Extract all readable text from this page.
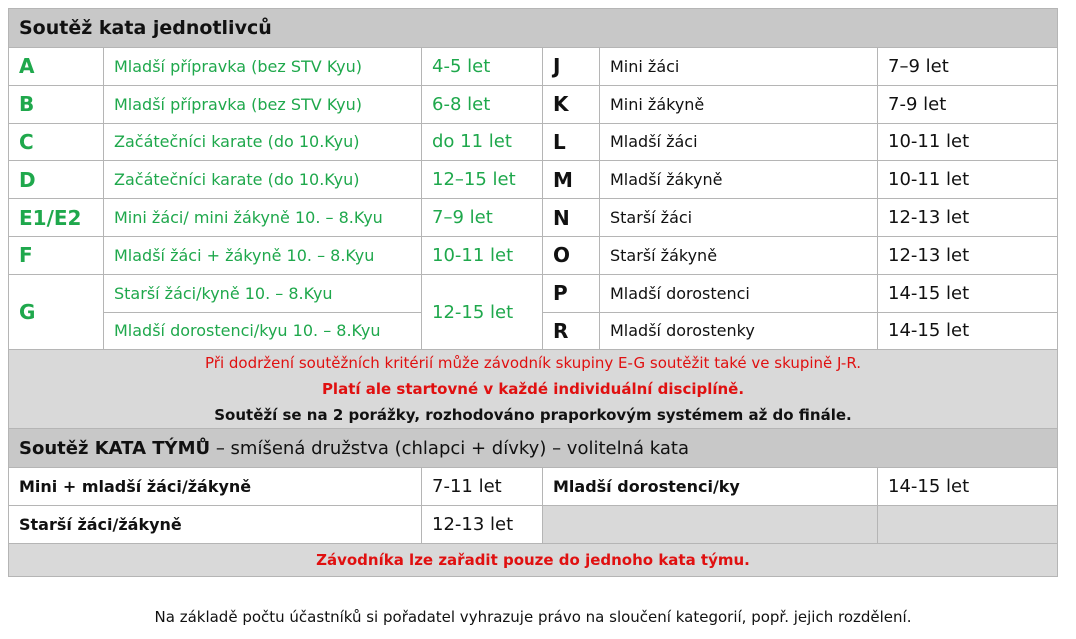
Soutěž kata jednotlivců					
A	Mladší přípravka (bez STV Kyu)	4-5 let	J	Mini žáci	7–9 let
B	Mladší přípravka (bez STV Kyu)	6-8 let	K	Mini žákyně	7-9 let
C	Začátečníci karate (do 10.Kyu)	do 11 let	L	Mladší žáci	10-11 let
D	Začátečníci karate (do 10.Kyu)	12–15 let	M	Mladší žákyně	10-11 let
E1/E2	Mini žáci/ mini žákyně 10. – 8.Kyu	7–9 let	N	Starší žáci	12-13 let
F	Mladší žáci + žákyně 10. – 8.Kyu	10-11 let	O	Starší žákyně	12-13 let
G	Starší žáci/kyně 10. – 8.Kyu	12-15 let	P	Mladší dorostenci	14-15 let
	Mladší dorostenci/kyu 10. – 8.Kyu		R	Mladší dorostenky	14-15 let

Při dodržení soutěžních kritérií může závodník skupiny E-G soutěžit také ve skupině J-R.
Platí ale startovné v každé individuální disciplíně.
Soutěží se na 2 porážky, rozhodováno praporkovým systémem až do finále.					

Soutěž KATA TÝMŮ – smíšená družstva (chlapci + dívky) – volitelná kata					
Mini + mladší žáci/žákyně		7-11 let	Mladší dorostenci/ky		14-15 let
Starší žáci/žákyně		12-13 let			
Závodníka lze zařadit pouze do jednoho kata týmu.					
Na základě počtu účastníků si pořadatel vyhrazuje právo na sloučení kategorií, popř. jejich rozdělení.
